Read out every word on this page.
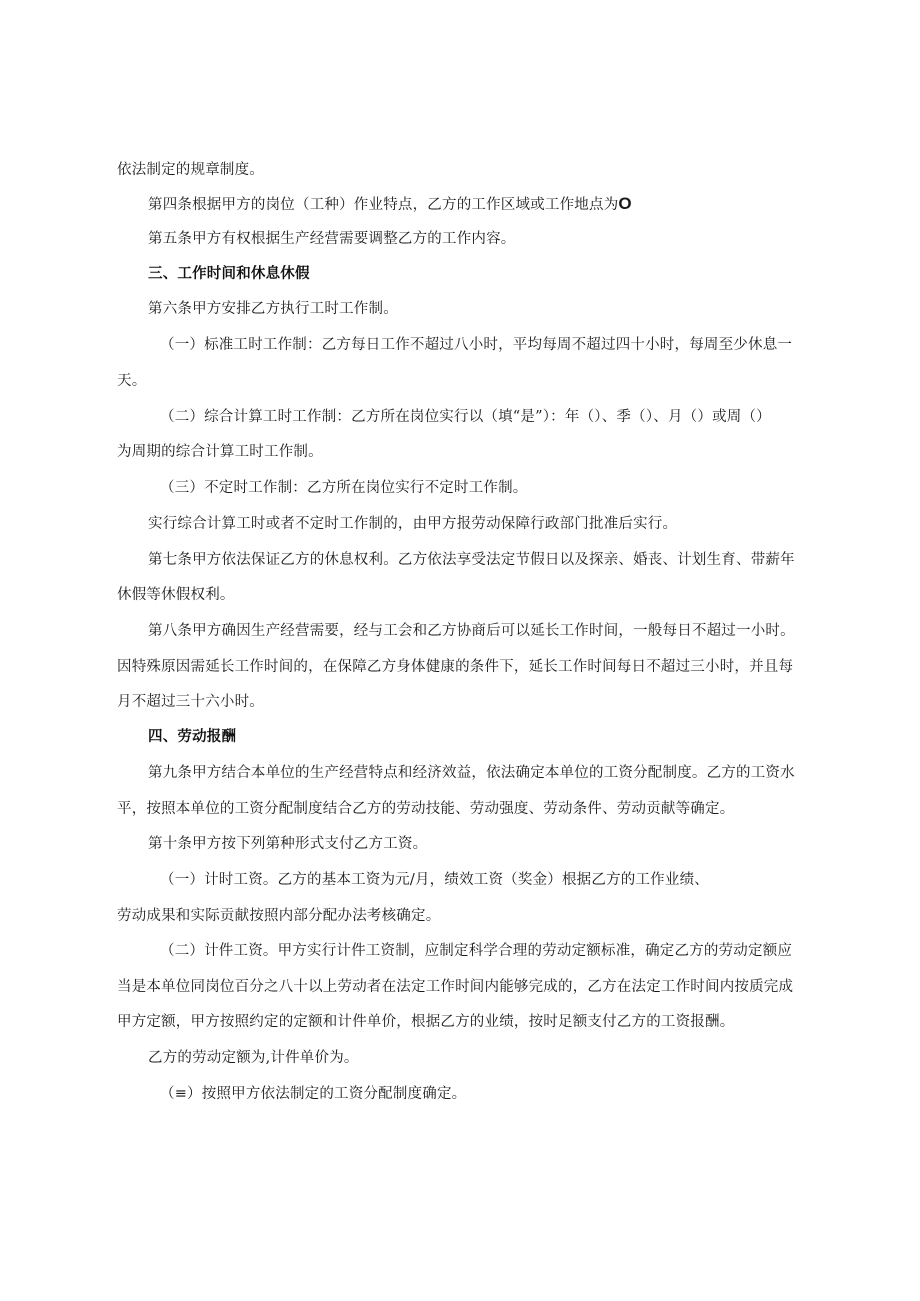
依法制定的规章制度。

第四条根据甲方的岗位（工种）作业特点，乙方的工作区域或工作地点为O

第五条甲方有权根据生产经营需要调整乙方的工作内容。

三、工作时间和休息休假

第六条甲方安排乙方执行工时工作制。

（一）标准工时工作制：乙方每日工作不超过八小时，平均每周不超过四十小时，每周至少休息一

天。

（二）综合计算工时工作制：乙方所在岗位实行以（填“是”）：年（）、季（）、月（）或周（）

为周期的综合计算工时工作制。

（三）不定时工作制：乙方所在岗位实行不定时工作制。

实行综合计算工时或者不定时工作制的，由甲方报劳动保障行政部门批准后实行。

第七条甲方依法保证乙方的休息权利。乙方依法享受法定节假日以及探亲、婚丧、计划生育、带薪年

休假等休假权利。

第八条甲方确因生产经营需要，经与工会和乙方协商后可以延长工作时间，一般每日不超过一小时。

因特殊原因需延长工作时间的，在保障乙方身体健康的条件下，延长工作时间每日不超过三小时，并且每

月不超过三十六小时。

四、劳动报酬

第九条甲方结合本单位的生产经营特点和经济效益，依法确定本单位的工资分配制度。乙方的工资水

平，按照本单位的工资分配制度结合乙方的劳动技能、劳动强度、劳动条件、劳动贡献等确定。

第十条甲方按下列第种形式支付乙方工资。

（一）计时工资。乙方的基本工资为元/月，绩效工资（奖金）根据乙方的工作业绩、

劳动成果和实际贡献按照内部分配办法考核确定。

（二）计件工资。甲方实行计件工资制，应制定科学合理的劳动定额标准，确定乙方的劳动定额应

当是本单位同岗位百分之八十以上劳动者在法定工作时间内能够完成的，乙方在法定工作时间内按质完成

甲方定额，甲方按照约定的定额和计件单价，根据乙方的业绩，按时足额支付乙方的工资报酬。

乙方的劳动定额为,计件单价为。

（≡）按照甲方依法制定的工资分配制度确定。
